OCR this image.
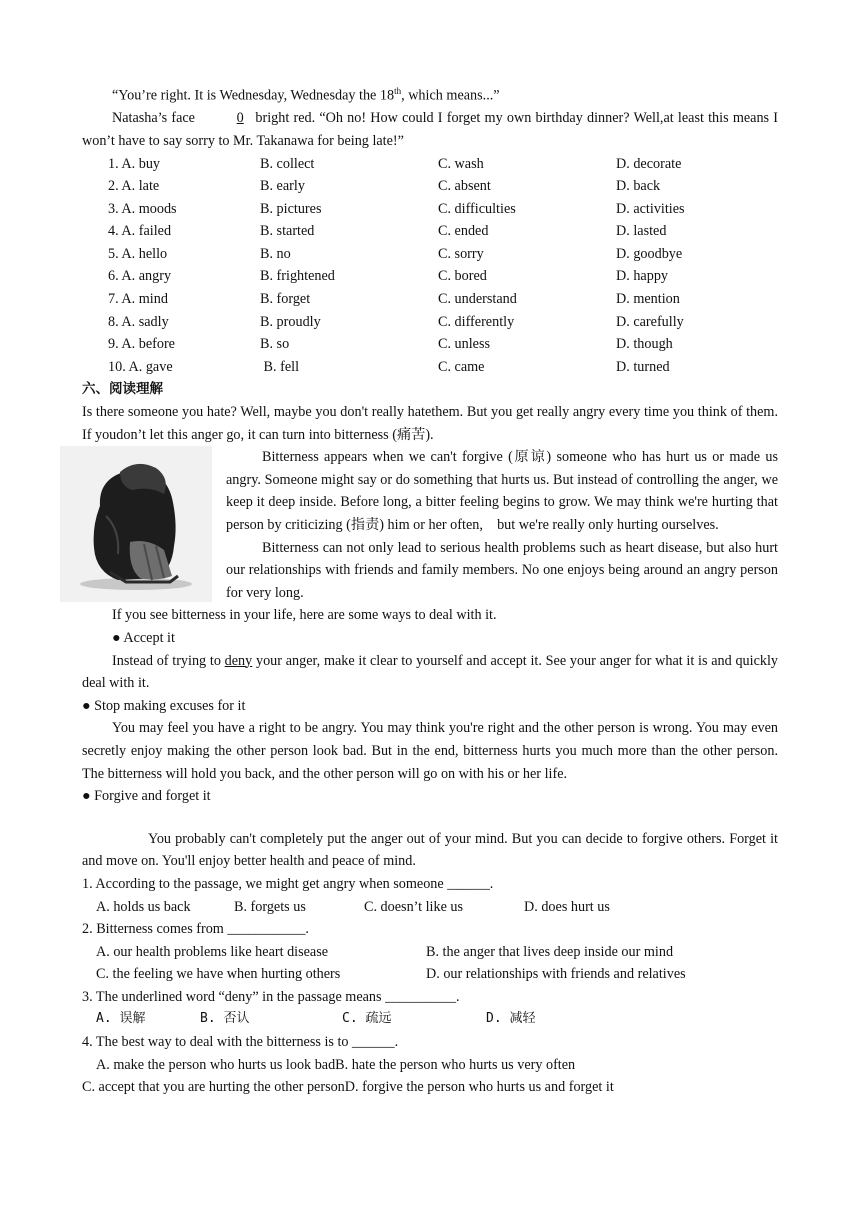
“You’re right. It is Wednesday, Wednesday the 18th, which means...”

Natasha’s face	0 bright red. “Oh no! How could I forget my own birthday dinner? Well,at least this means I won’t have to say sorry to Mr. Takanawa for being late!”

1. A. buy	B. collect	C. wash	D. decorate
2. A. late	B. early	C. absent	D. back
3. A. moods	B. pictures	C. difficulties	D. activities
4. A. failed	B. started	C. ended	D. lasted
5. A. hello	B. no	C. sorry	D. goodbye
6. A. angry	B. frightened	C. bored	D. happy
7. A. mind	B. forget	C. understand	D. mention
8. A. sadly	B. proudly	C. differently	D. carefully
9. A. before	B. so	C. unless	D. though
10. A. gave	B. fell	C. came	D. turned
六、阅读理解

Is there someone you hate? Well, maybe you don't really hatethem. But you get really angry every time you think of them. If youdon’t let this anger go, it can turn into bitterness (痛苦).

Bitterness appears when we can't forgive (原谅) someone who has hurt us or made us angry. Someone might say or do something that hurts us. But instead of controlling the anger, we keep it deep inside. Before long, a bitter feeling begins to grow. We may think we're hurting that person by criticizing (指责) him or her often,　but we're really only hurting ourselves.

Bitterness can not only lead to serious health problems such as heart disease, but also hurt our relationships with friends and family members. No one enjoys being around an angry person for very long.

If you see bitterness in your life, here are some ways to deal with it.

● Accept it

Instead of trying to deny your anger, make it clear to yourself and accept it. See your anger for what it is and quickly deal with it.

● Stop making excuses for it

You may feel you have a right to be angry. You may think you're right and the other person is wrong. You may even secretly enjoy making the other person look bad. But in the end, bitterness hurts you much more than the other person. The bitterness will hold you back, and the other person will go on with his or her life.

● Forgive and forget it

You probably can't completely put the anger out of your mind. But you can decide to forgive others. Forget it and move on. You'll enjoy better health and peace of mind.

1. According to the passage, we might get angry when someone ______.

A. holds us back	B. forgets us	C. doesn’t like us	D. does hurt us

2. Bitterness comes from ___________.

A. our health problems like heart disease	B. the anger that lives deep inside our mind
C. the feeling we have when hurting others	D. our relationships with friends and relatives

3. The underlined word “deny” in the passage means __________.

A. 误解	B. 否认	C. 疏远	D. 减轻

4. The best way to deal with the bitterness is to ______.

A. make the person who hurts us look badB. hate the person who hurts us very often

C. accept that you are hurting the other personD. forgive the person who hurts us and forget it
